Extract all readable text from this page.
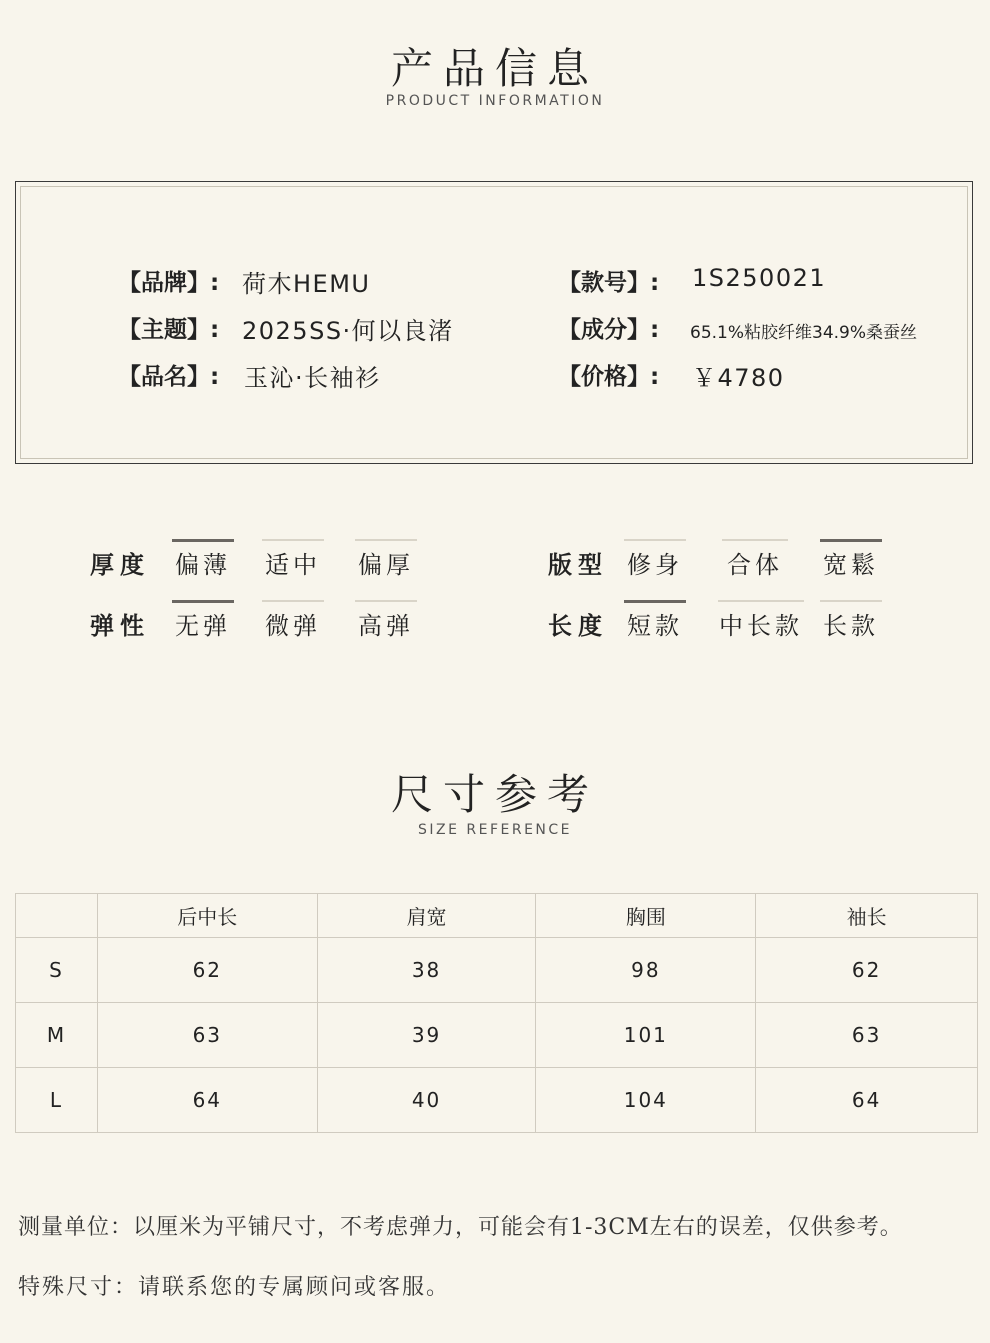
产品信息
PRODUCT INFORMATION
【品牌】: 荷木HEMU
【主题】: 2025SS·何以良渚
【品名】: 玉沁·长袖衫
【款号】: 1S250021
【成分】: 65.1%粘胶纤维34.9%桑蚕丝
【价格】: ￥4780
厚度 偏薄 适中 偏厚
弹性 无弹 微弹 高弹
版型 修身 合体 宽鬆
长度 短款 中长款 长款
尺寸参考
SIZE REFERENCE
	后中长	肩宽	胸围	袖长
S	62	38	98	62
M	63	39	101	63
L	64	40	104	64
测量单位：以厘米为平铺尺寸，不考虑弹力，可能会有1-3CM左右的误差，仅供参考。
特殊尺寸：请联系您的专属顾问或客服。
